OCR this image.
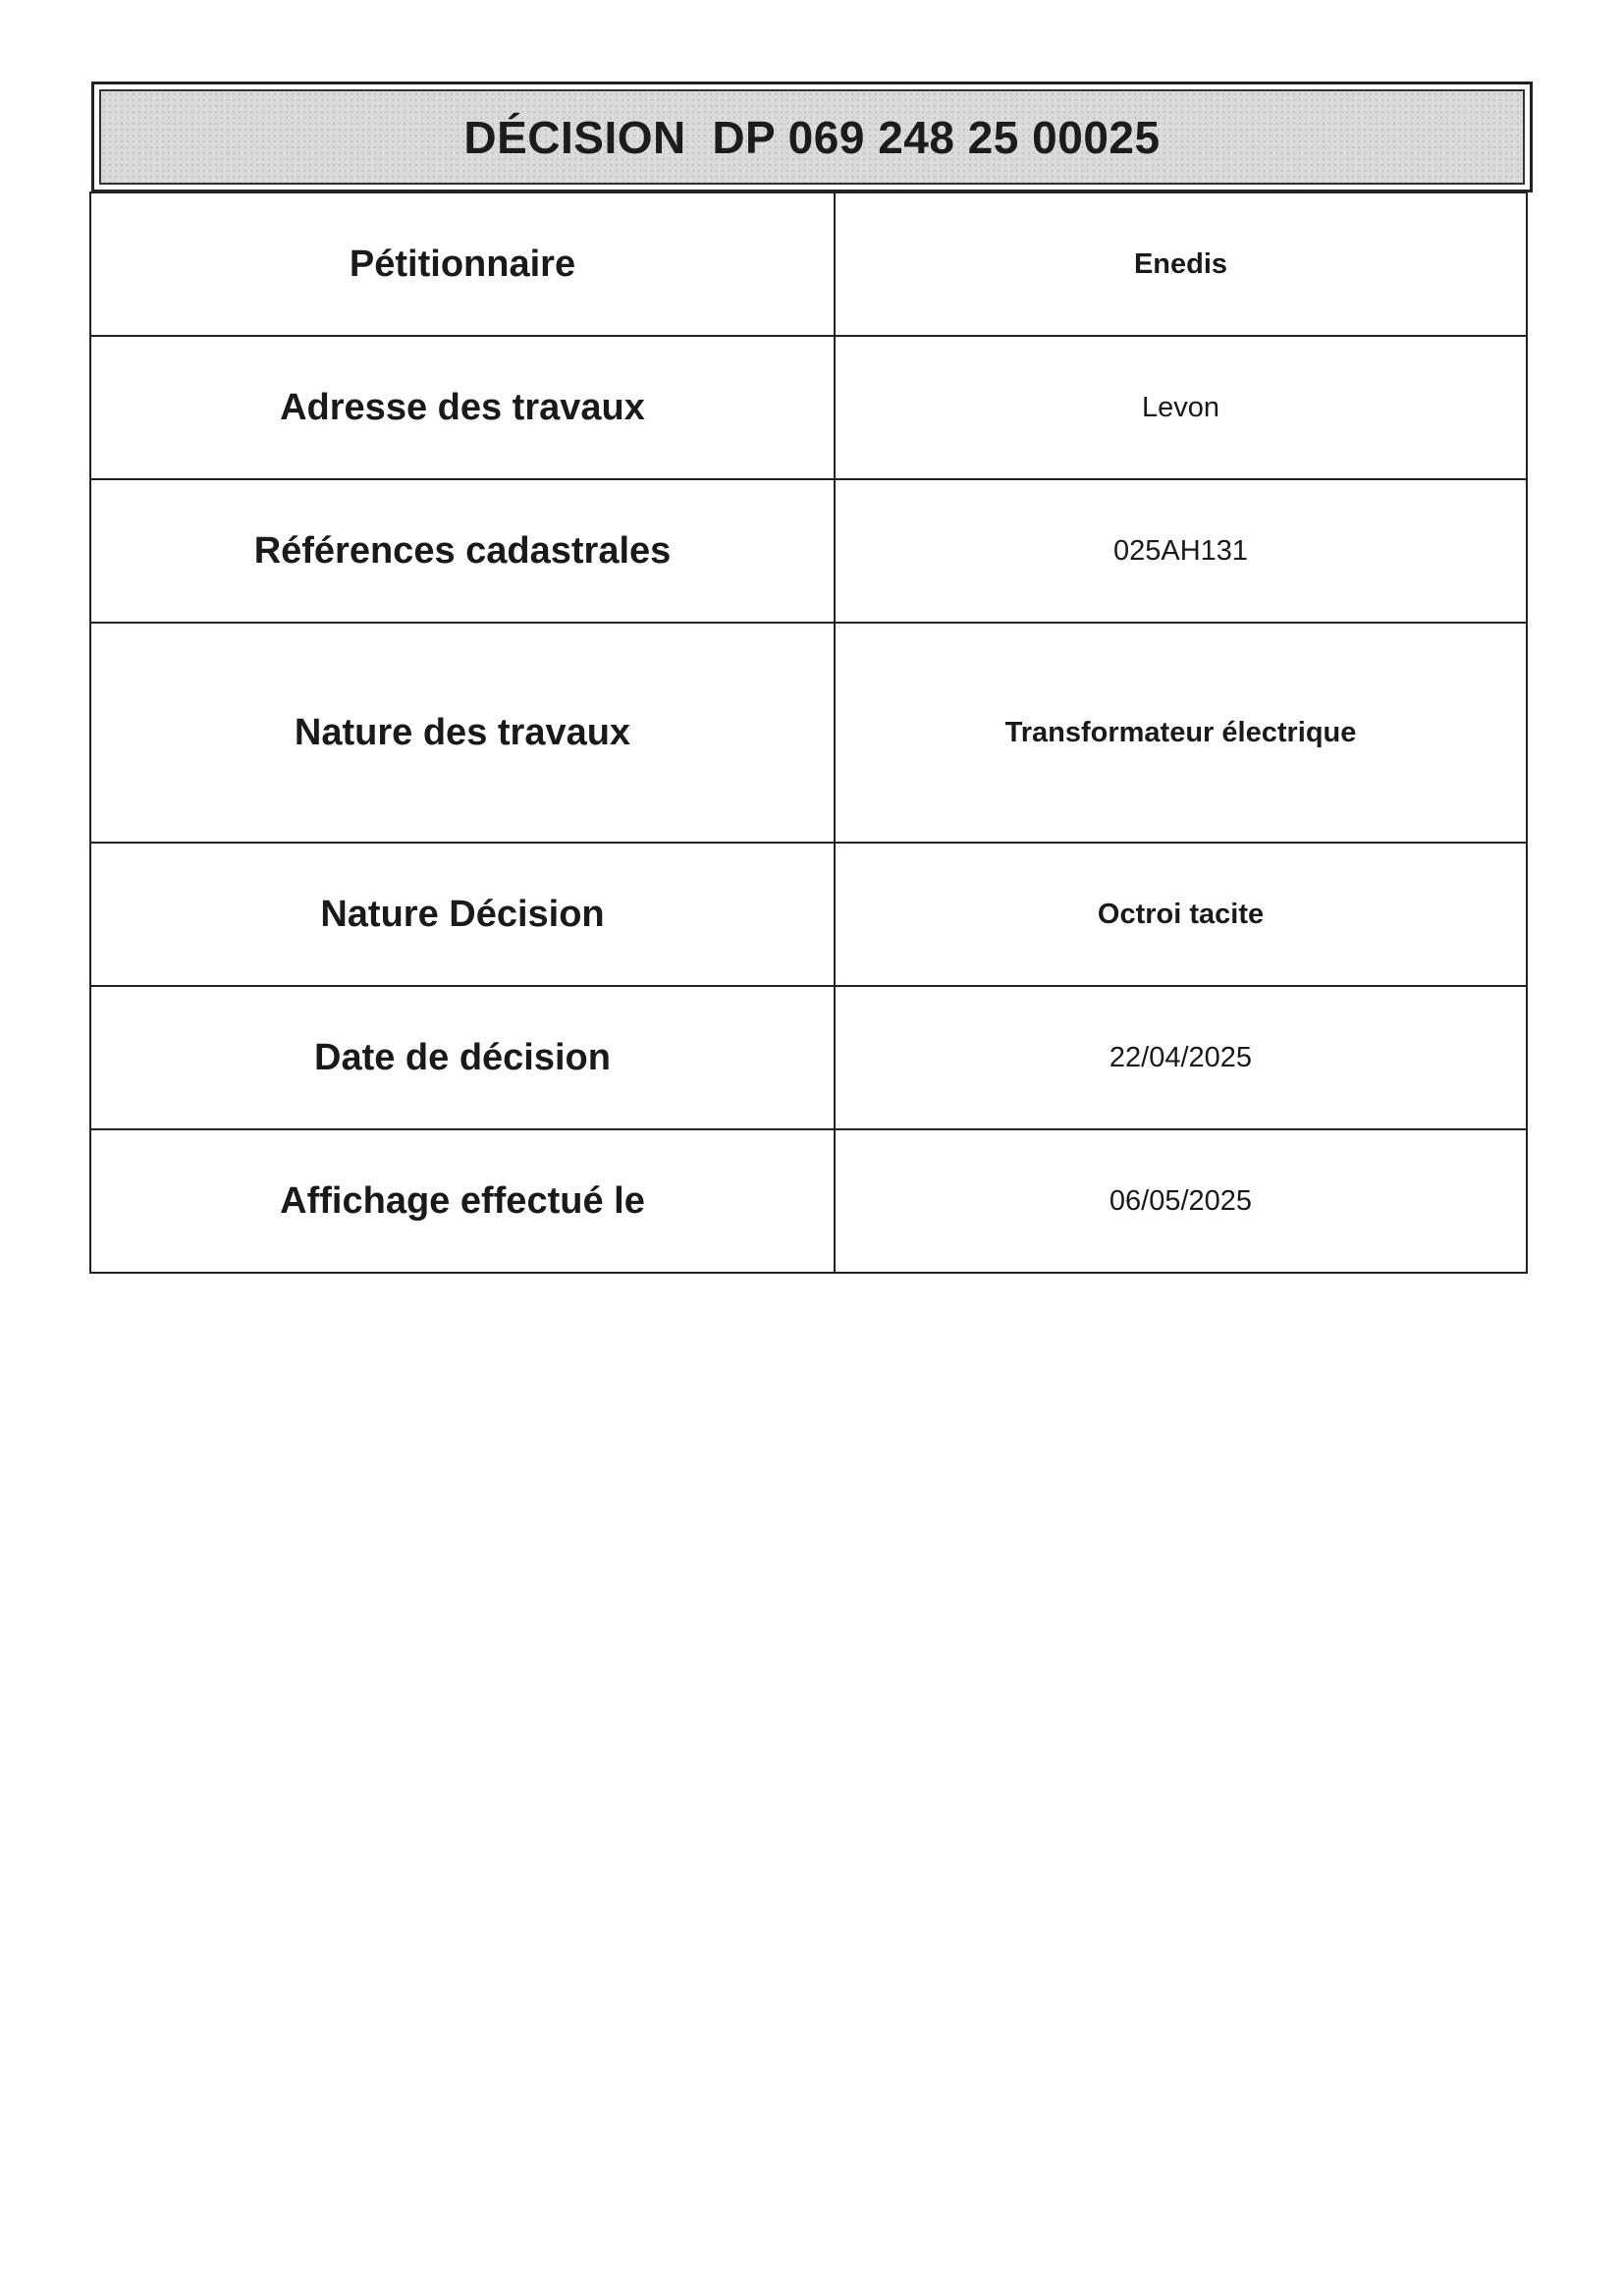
DÉCISION  DP 069 248 25 00025
Pétitionnaire	Enedis
Adresse des travaux	Levon
Références cadastrales	025AH131
Nature des travaux	Transformateur électrique
Nature Décision	Octroi tacite
Date de décision	22/04/2025
Affichage effectué le	06/05/2025
